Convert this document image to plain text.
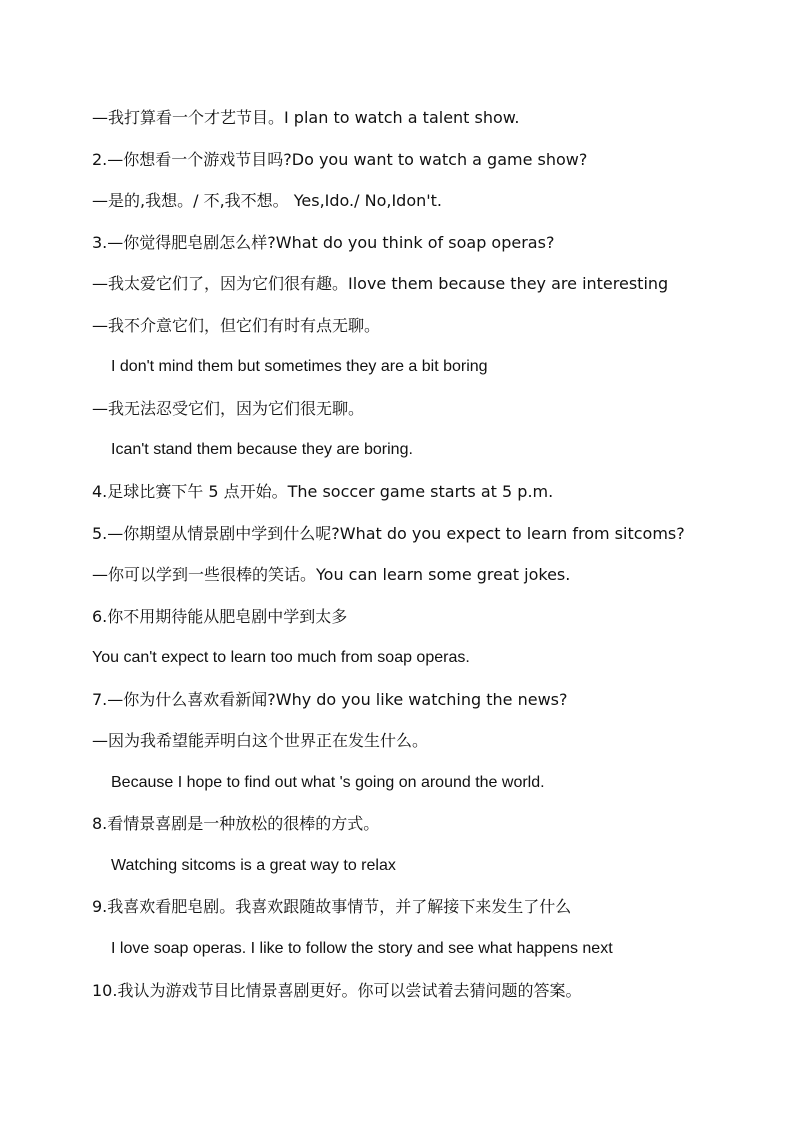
—我打算看一个才艺节目。I plan to watch a talent show.
2.—你想看一个游戏节目吗?Do you want to watch a game show?
—是的,我想。/ 不,我不想。 Yes,Ido./ No,Idon't.
3.—你觉得肥皂剧怎么样?What do you think of soap operas?
—我太爱它们了，因为它们很有趣。Ilove them because they are interesting
—我不介意它们，但它们有时有点无聊。
I don't mind them but sometimes they are a bit boring
—我无法忍受它们，因为它们很无聊。
Ican't stand them because they are boring.
4.足球比赛下午 5 点开始。The soccer game starts at 5 p.m.
5.—你期望从情景剧中学到什么呢?What do you expect to learn from sitcoms?
—你可以学到一些很棒的笑话。You can learn some great jokes.
6.你不用期待能从肥皂剧中学到太多
You can't expect to learn too much from soap operas.
7.—你为什么喜欢看新闻?Why do you like watching the news?
—因为我希望能弄明白这个世界正在发生什么。
Because I hope to find out what 's going on around the world.
8.看情景喜剧是一种放松的很棒的方式。
Watching sitcoms is a great way to relax
9.我喜欢看肥皂剧。我喜欢跟随故事情节，并了解接下来发生了什么
I love soap operas. I like to follow the story and see what happens next
10.我认为游戏节目比情景喜剧更好。你可以尝试着去猜问题的答案。
